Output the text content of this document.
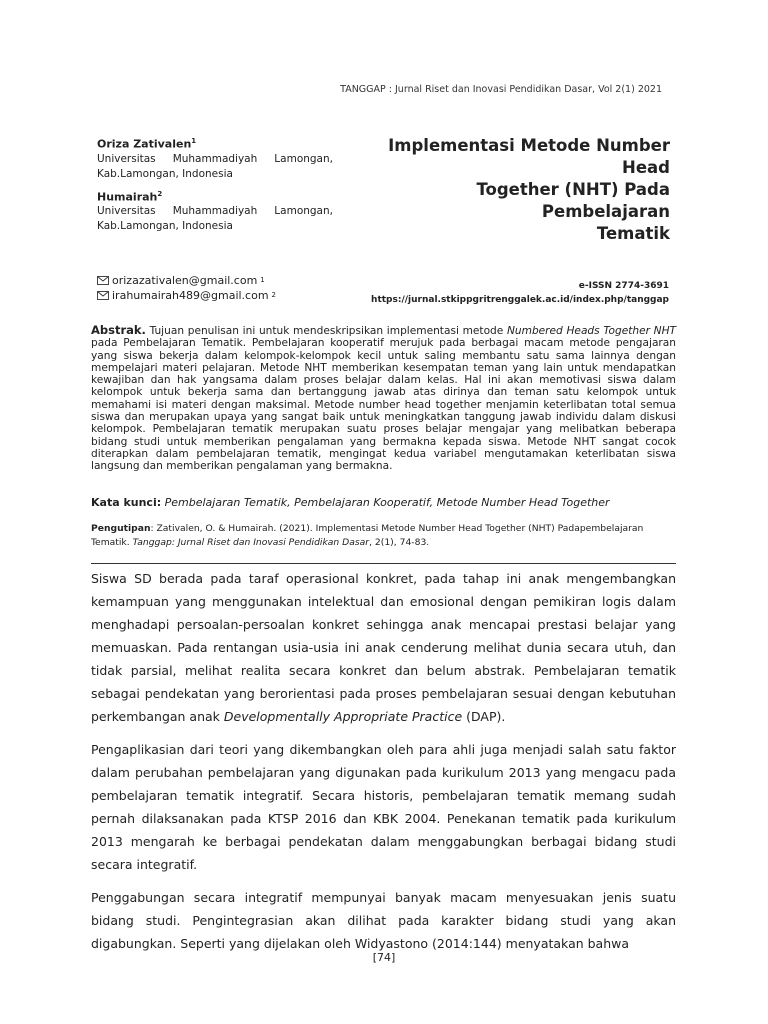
TANGGAP : Jurnal Riset dan Inovasi Pendidikan Dasar, Vol 2(1) 2021
Oriza Zativalen$^1$
Universitas Muhammadiyah Lamongan, Kab.Lamongan, Indonesia
Humairah$^2$
Universitas Muhammadiyah Lamongan, Kab.Lamongan, Indonesia
Implementasi Metode Number Head
Together (NHT) Pada Pembelajaran
Tematik
orizazativalen@gmail.com 1
irahumairah489@gmail.com 2
e-ISSN 2774-3691
https://jurnal.stkippgritrenggalek.ac.id/index.php/tanggap
Abstrak. Tujuan penulisan ini untuk mendeskripsikan implementasi metode Numbered Heads Together NHT pada Pembelajaran Tematik. Pembelajaran kooperatif merujuk pada berbagai macam metode pengajaran yang siswa bekerja dalam kelompok-kelompok kecil untuk saling membantu satu sama lainnya dengan mempelajari materi pelajaran. Metode NHT memberikan kesempatan teman yang lain untuk mendapatkan kewajiban dan hak yangsama dalam proses belajar dalam kelas. Hal ini akan memotivasi siswa dalam kelompok untuk bekerja sama dan bertanggung jawab atas dirinya dan teman satu kelompok untuk memahami isi materi dengan maksimal. Metode number head together menjamin keterlibatan total semua siswa dan merupakan upaya yang sangat baik untuk meningkatkan tanggung jawab individu dalam diskusi kelompok. Pembelajaran tematik merupakan suatu proses belajar mengajar yang melibatkan beberapa bidang studi untuk memberikan pengalaman yang bermakna kepada siswa. Metode NHT sangat cocok diterapkan dalam pembelajaran tematik, mengingat kedua variabel mengutamakan keterlibatan siswa langsung dan memberikan pengalaman yang bermakna.
Kata kunci: Pembelajaran Tematik, Pembelajaran Kooperatif, Metode Number Head Together
Pengutipan: Zativalen, O. & Humairah. (2021). Implementasi Metode Number Head Together (NHT) Padapembelajaran Tematik. Tanggap: Jurnal Riset dan Inovasi Pendidikan Dasar, 2(1), 74-83.

Siswa SD berada pada taraf operasional konkret, pada tahap ini anak mengembangkan kemampuan yang menggunakan intelektual dan emosional dengan pemikiran logis dalam menghadapi persoalan-persoalan konkret sehingga anak mencapai prestasi belajar yang memuaskan. Pada rentangan usia-usia ini anak cenderung melihat dunia secara utuh, dan tidak parsial, melihat realita secara konkret dan belum abstrak. Pembelajaran tematik sebagai pendekatan yang berorientasi pada proses pembelajaran sesuai dengan kebutuhan perkembangan anak Developmentally Appropriate Practice (DAP).

Pengaplikasian dari teori yang dikembangkan oleh para ahli juga menjadi salah satu faktor dalam perubahan pembelajaran yang digunakan pada kurikulum 2013 yang mengacu pada pembelajaran tematik integratif. Secara historis, pembelajaran tematik memang sudah pernah dilaksanakan pada KTSP 2016 dan KBK 2004. Penekanan tematik pada kurikulum 2013 mengarah ke berbagai pendekatan dalam menggabungkan berbagai bidang studi secara integratif.

Penggabungan secara integratif mempunyai banyak macam menyesuakan jenis suatu bidang studi. Pengintegrasian akan dilihat pada karakter bidang studi yang akan digabungkan. Seperti yang dijelakan oleh Widyastono (2014:144) menyatakan bahwa

[74]
